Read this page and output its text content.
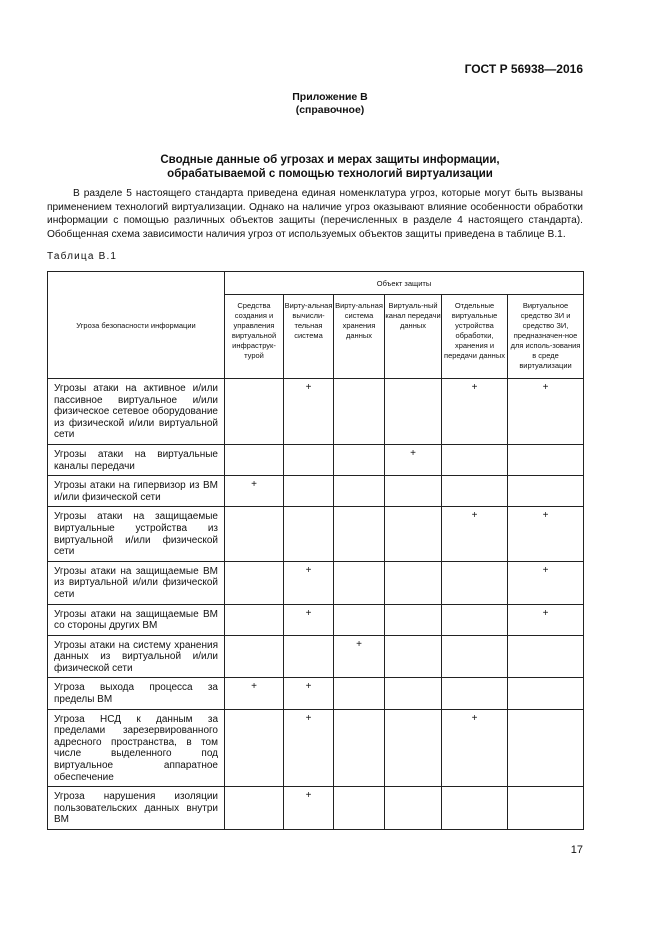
ГОСТ Р 56938—2016
Приложение В
(справочное)
Сводные данные об угрозах и мерах защиты информации,
обрабатываемой с помощью технологий виртуализации

В разделе 5 настоящего стандарта приведена единая номенклатура угроз, которые могут быть вызваны применением технологий виртуализации. Однако на наличие угроз оказывают влияние особенности обработки информации с помощью различных объектов защиты (перечисленных в разделе 4 настоящего стандарта). Обобщенная схема зависимости наличия угроз от используемых объектов защиты приведена в таблице В.1.

Таблица В.1
Угроза безопасности информации	Объект защиты					
	Средства создания и управления виртуальной инфраструк-турой	Вирту-альная вычисли-тельная система	Вирту-альная система хранения данных	Виртуаль-ный канал передачи данных	Отдельные виртуальные устройства обработки, хранения и передачи данных	Виртуальное средство ЗИ и средство ЗИ, предназначен-ное для исполь-зования в среде виртуализации
Угрозы атаки на активное и/или пассивное виртуальное и/или физическое сетевое оборудование из физической и/или виртуальной сети		+			+	+
Угрозы атаки на виртуальные каналы передачи				+		
Угрозы атаки на гипервизор из ВМ и/или физической сети	+					
Угрозы атаки на защищаемые виртуальные устройства из виртуальной и/или физической сети					+	+
Угрозы атаки на защищаемые ВМ из виртуальной и/или физической сети		+				+
Угрозы атаки на защищаемые ВМ со стороны других ВМ		+				+
Угрозы атаки на систему хранения данных из виртуальной и/или физической сети			+			
Угроза выхода процесса за пределы ВМ	+	+				
Угроза НСД к данным за пределами зарезервированного адресного пространства, в том числе выделенного под виртуальное аппаратное обеспечение		+			+	
Угроза нарушения изоляции пользовательских данных внутри ВМ		+				
17
